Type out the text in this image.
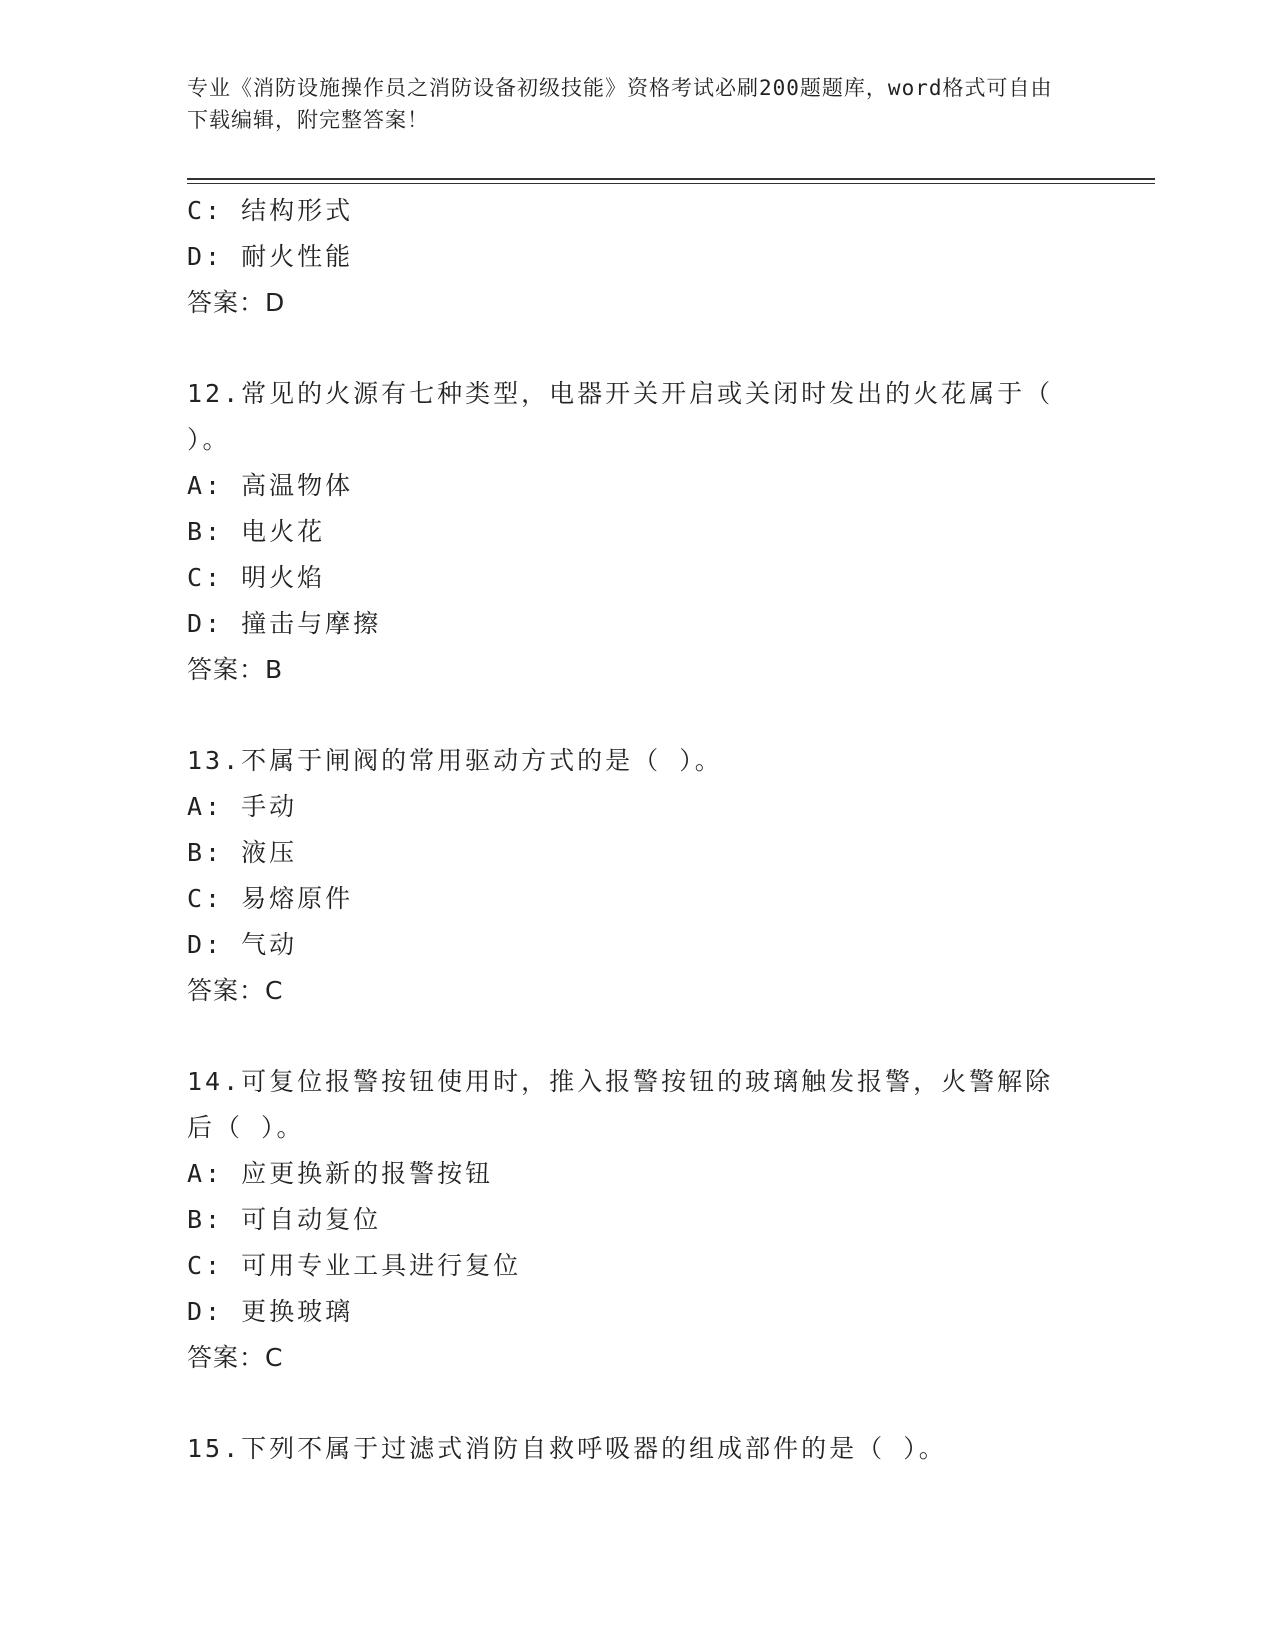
专业《消防设施操作员之消防设备初级技能》资格考试必刷200题题库，word格式可自由下载编辑，附完整答案！
C: 结构形式
D: 耐火性能
答案：D
12.常见的火源有七种类型，电器开关开启或关闭时发出的火花属于（ ）。
A: 高温物体
B: 电火花
C: 明火焰
D: 撞击与摩擦
答案：B
13.不属于闸阀的常用驱动方式的是（ ）。
A: 手动
B: 液压
C: 易熔原件
D: 气动
答案：C
14.可复位报警按钮使用时，推入报警按钮的玻璃触发报警，火警解除后（ ）。
A: 应更换新的报警按钮
B: 可自动复位
C: 可用专业工具进行复位
D: 更换玻璃
答案：C
15.下列不属于过滤式消防自救呼吸器的组成部件的是（ ）。
